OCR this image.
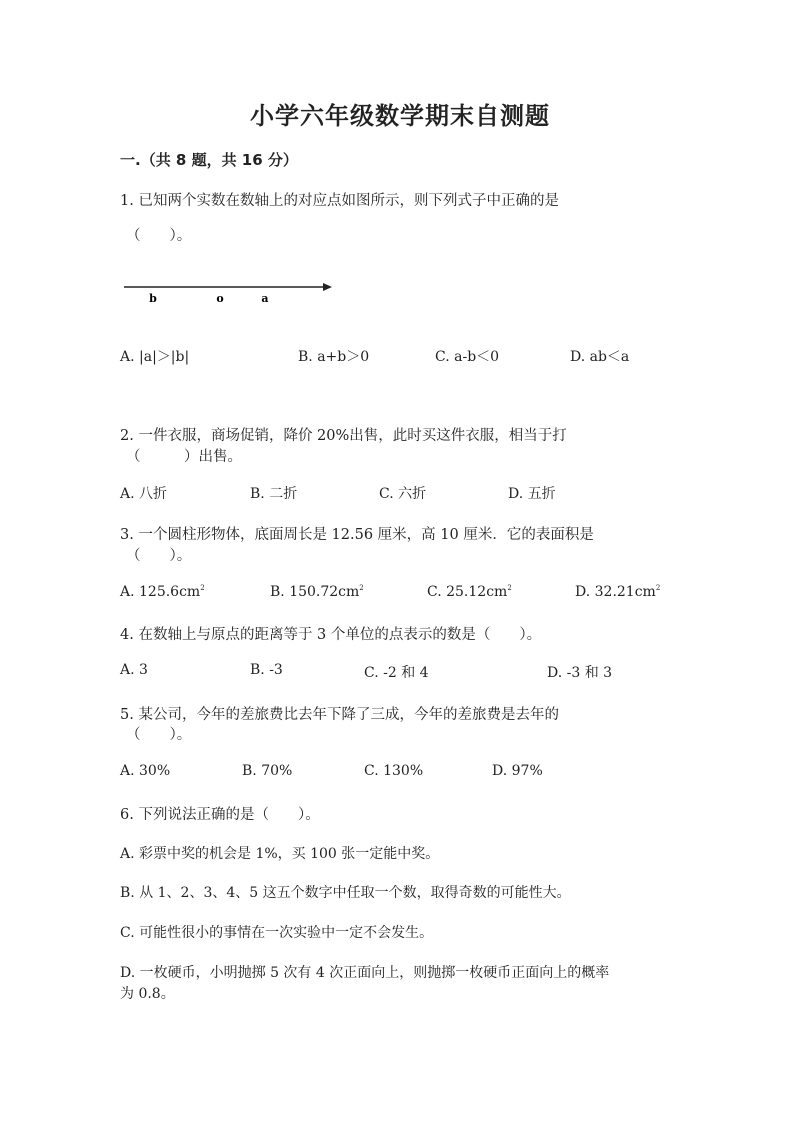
小学六年级数学期末自测题
一.（共 8 题，共 16 分）
1. 已知两个实数在数轴上的对应点如图所示，则下列式子中正确的是
（　　）。
b	o	a
A. |a|＞|b|	B. a+b＞0	C. a-b＜0	D. ab＜a
2. 一件衣服，商场促销，降价 20%出售，此时买这件衣服，相当于打
（　　　）出售。
A. 八折	B. 二折	C. 六折	D. 五折
3. 一个圆柱形物体，底面周长是 12.56 厘米，高 10 厘米．它的表面积是
（　　）。
A. $125.6cm^2$	B. $150.72cm^2$	C. $25.12cm^2$	D. $32.21cm^2$
4. 在数轴上与原点的距离等于 3 个单位的点表示的数是（　　）。
A. 3	B. -3	C. -2 和 4	D. -3 和 3
5. 某公司，今年的差旅费比去年下降了三成，今年的差旅费是去年的
（　　）。
A. 30%	B. 70%	C. 130%	D. 97%
6. 下列说法正确的是（　　）。
A. 彩票中奖的机会是 1%，买 100 张一定能中奖。
B. 从 1、2、3、4、5 这五个数字中任取一个数，取得奇数的可能性大。
C. 可能性很小的事情在一次实验中一定不会发生。
D. 一枚硬币，小明抛掷 5 次有 4 次正面向上，则抛掷一枚硬币正面向上的概率
为 0.8。
